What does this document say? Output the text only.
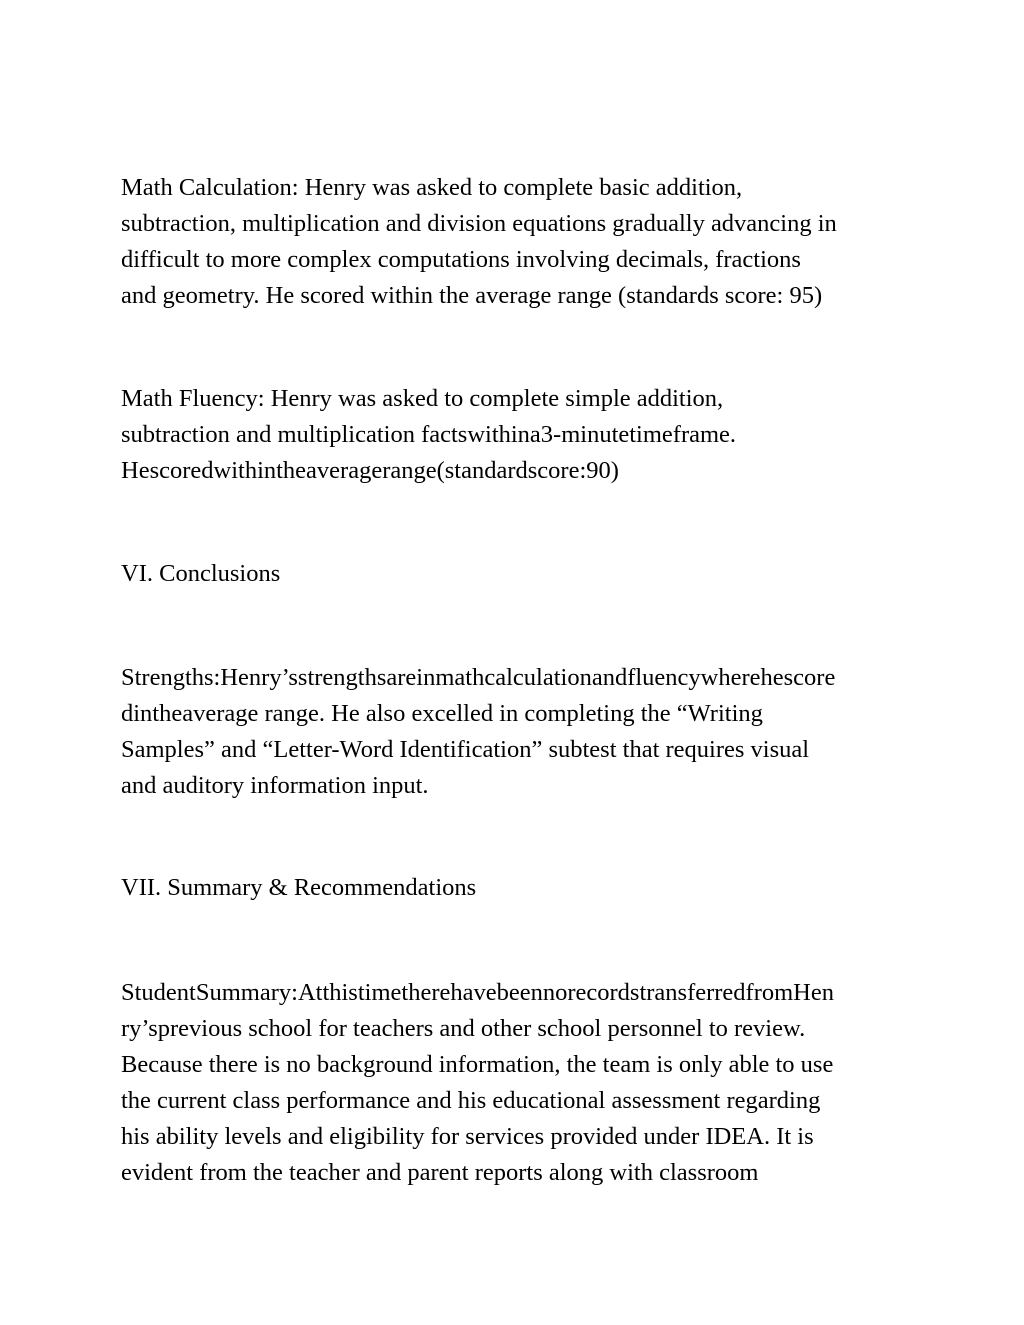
Math Calculation: Henry was asked to complete basic addition,
subtraction, multiplication and division equations gradually advancing in
difficult to more complex computations involving decimals, fractions
and geometry. He scored within the average range (standards score: 95)
Math Fluency: Henry was asked to complete simple addition,
subtraction and multiplication factswithina3-minutetimeframe.
Hescoredwithintheaveragerange(standardscore:90)
VI. Conclusions
Strengths:Henry’sstrengthsareinmathcalculationandfluencywherehescore
dintheaverage range. He also excelled in completing the “Writing
Samples” and “Letter-Word Identification” subtest that requires visual
and auditory information input.
VII. Summary & Recommendations
StudentSummary:AtthistimetherehavebeennorecordstransferredfromHen
ry’sprevious school for teachers and other school personnel to review.
Because there is no background information, the team is only able to use
the current class performance and his educational assessment regarding
his ability levels and eligibility for services provided under IDEA. It is
evident from the teacher and parent reports along with classroom
